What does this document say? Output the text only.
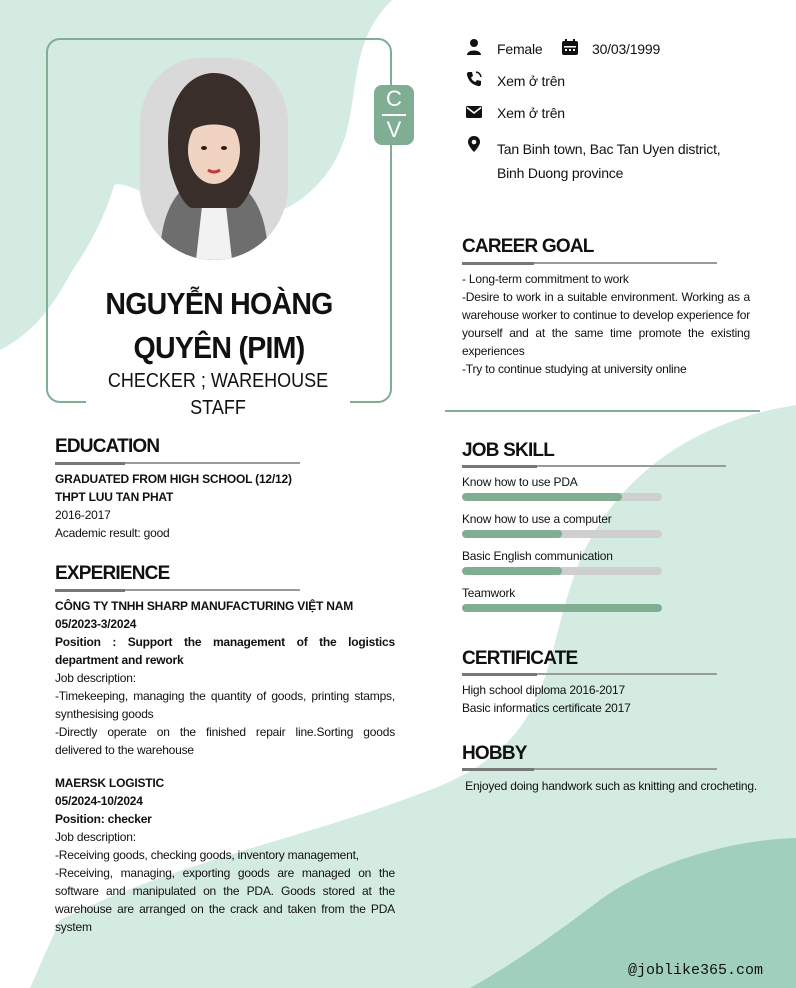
C
V
NGUYỄN HOÀNG QUYÊN (PIM)
CHECKER ; WAREHOUSE STAFF
Female	30/03/1999
Xem ở trên
Xem ở trên
Tan Binh town, Bac Tan Uyen district, Binh Duong province
CAREER GOAL
- Long-term commitment to work
-Desire to work in a suitable environment. Working as a warehouse worker to continue to develop experience for yourself and at the same time promote the existing experiences
-Try to continue studying at university online
EDUCATION
GRADUATED FROM HIGH SCHOOL (12/12)
THPT LUU TAN PHAT
2016-2017
Academic result: good
EXPERIENCE
CÔNG TY TNHH SHARP MANUFACTURING VIỆT NAM
05/2023-3/2024
Position : Support the management of the logistics department and rework
Job description:
-Timekeeping, managing the quantity of goods, printing stamps, synthesising goods
-Directly operate on the finished repair line.Sorting goods delivered to the warehouse
MAERSK LOGISTIC
05/2024-10/2024
Position: checker
Job description:
-Receiving goods, checking goods, inventory management,
-Receiving, managing, exporting goods are managed on the software and manipulated on the PDA. Goods stored at the warehouse are arranged on the crack and taken from the PDA system
JOB SKILL
Know how to use PDA
Know how to use a computer
Basic English communication
Teamwork
CERTIFICATE
High school diploma 2016-2017
Basic informatics certificate 2017
HOBBY
Enjoyed doing handwork such as knitting and crocheting.
@joblike365.com
